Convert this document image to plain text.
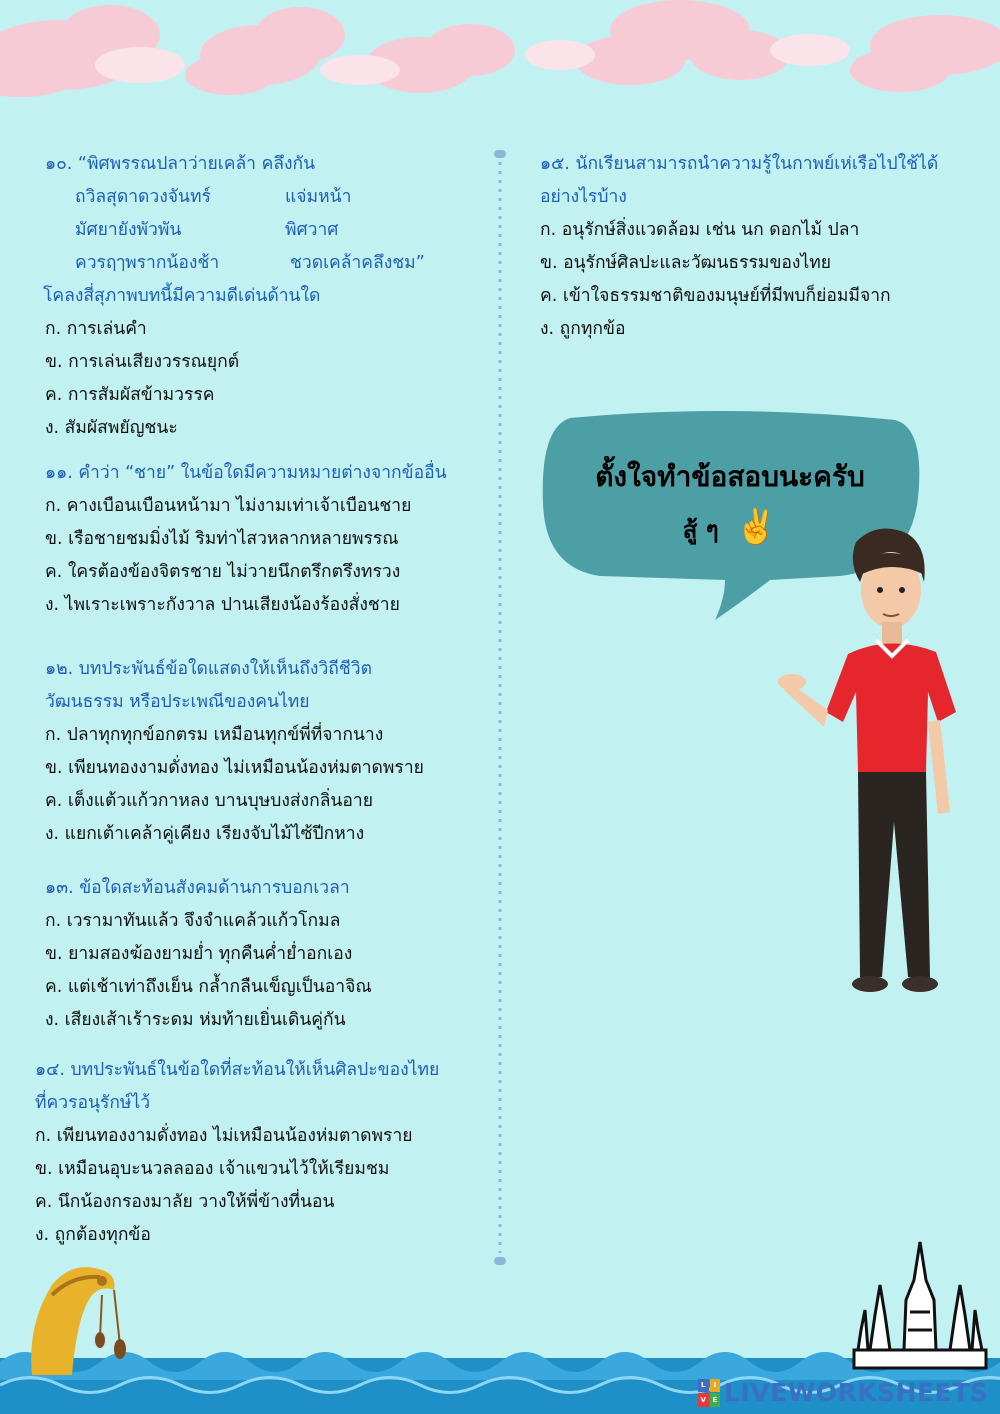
๑๐. “พิศพรรณปลาว่ายเคล้า คลึงกัน
ถวิลสุดาดวงจันทร์	แจ่มหน้า
มัศยายังพัวพัน	พิศวาศ
ควรฤๅพรากน้องช้า	ชวดเคล้าคลึงชม”
โคลงสี่สุภาพบทนี้มีความดีเด่นด้านใด
ก. การเล่นคำ
ข. การเล่นเสียงวรรณยุกต์
ค. การสัมผัสข้ามวรรค
ง. สัมผัสพยัญชนะ
๑๑. คำว่า “ชาย” ในข้อใดมีความหมายต่างจากข้ออื่น
ก. คางเบือนเบือนหน้ามา ไม่งามเท่าเจ้าเบือนชาย
ข. เรือชายชมมิ่งไม้ ริมท่าไสวหลากหลายพรรณ
ค. ใครต้องข้องจิตรชาย ไม่วายนึกตรึกตรึงทรวง
ง. ไพเราะเพราะกังวาล ปานเสียงน้องร้องสั่งชาย
๑๒. บทประพันธ์ข้อใดแสดงให้เห็นถึงวิถีชีวิต
วัฒนธรรม หรือประเพณีของคนไทย
ก. ปลาทุกทุกข์อกตรม เหมือนทุกข์พี่ที่จากนาง
ข. เพียนทองงามดั่งทอง ไม่เหมือนน้องห่มตาดพราย
ค. เต็งแต้วแก้วกาหลง บานบุษบงส่งกลิ่นอาย
ง. แยกเต้าเคล้าคู่เคียง เรียงจับไม้ไซ้ปีกหาง
๑๓. ข้อใดสะท้อนสังคมด้านการบอกเวลา
ก. เวรามาทันแล้ว จึงจำแคล้วแก้วโกมล
ข. ยามสองฆ้องยามย่ำ ทุกคืนค่ำย่ำอกเอง
ค. แต่เช้าเท่าถึงเย็น กล้ำกลืนเข็ญเป็นอาจิณ
ง. เสียงเส้าเร้าระดม ห่มท้ายเยิ่นเดินคู่กัน
๑๔. บทประพันธ์ในข้อใดที่สะท้อนให้เห็นศิลปะของไทย
ที่ควรอนุรักษ์ไว้
ก. เพียนทองงามดั่งทอง ไม่เหมือนน้องห่มตาดพราย
ข. เหมือนอุบะนวลลออง เจ้าแขวนไว้ให้เรียมชม
ค. นึกน้องกรองมาลัย วางให้พี่ข้างที่นอน
ง. ถูกต้องทุกข้อ
๑๕. นักเรียนสามารถนำความรู้ในกาพย์เห่เรือไปใช้ได้
อย่างไรบ้าง
ก. อนุรักษ์สิ่งแวดล้อม เช่น นก ดอกไม้ ปลา
ข. อนุรักษ์ศิลปะและวัฒนธรรมของไทย
ค. เข้าใจธรรมชาติของมนุษย์ที่มีพบก็ย่อมมีจาก
ง. ถูกทุกข้อ
ตั้งใจทำข้อสอบนะครับ
สู้ ๆ ✌️
L	I
V E LIVEWORKSHEETS
